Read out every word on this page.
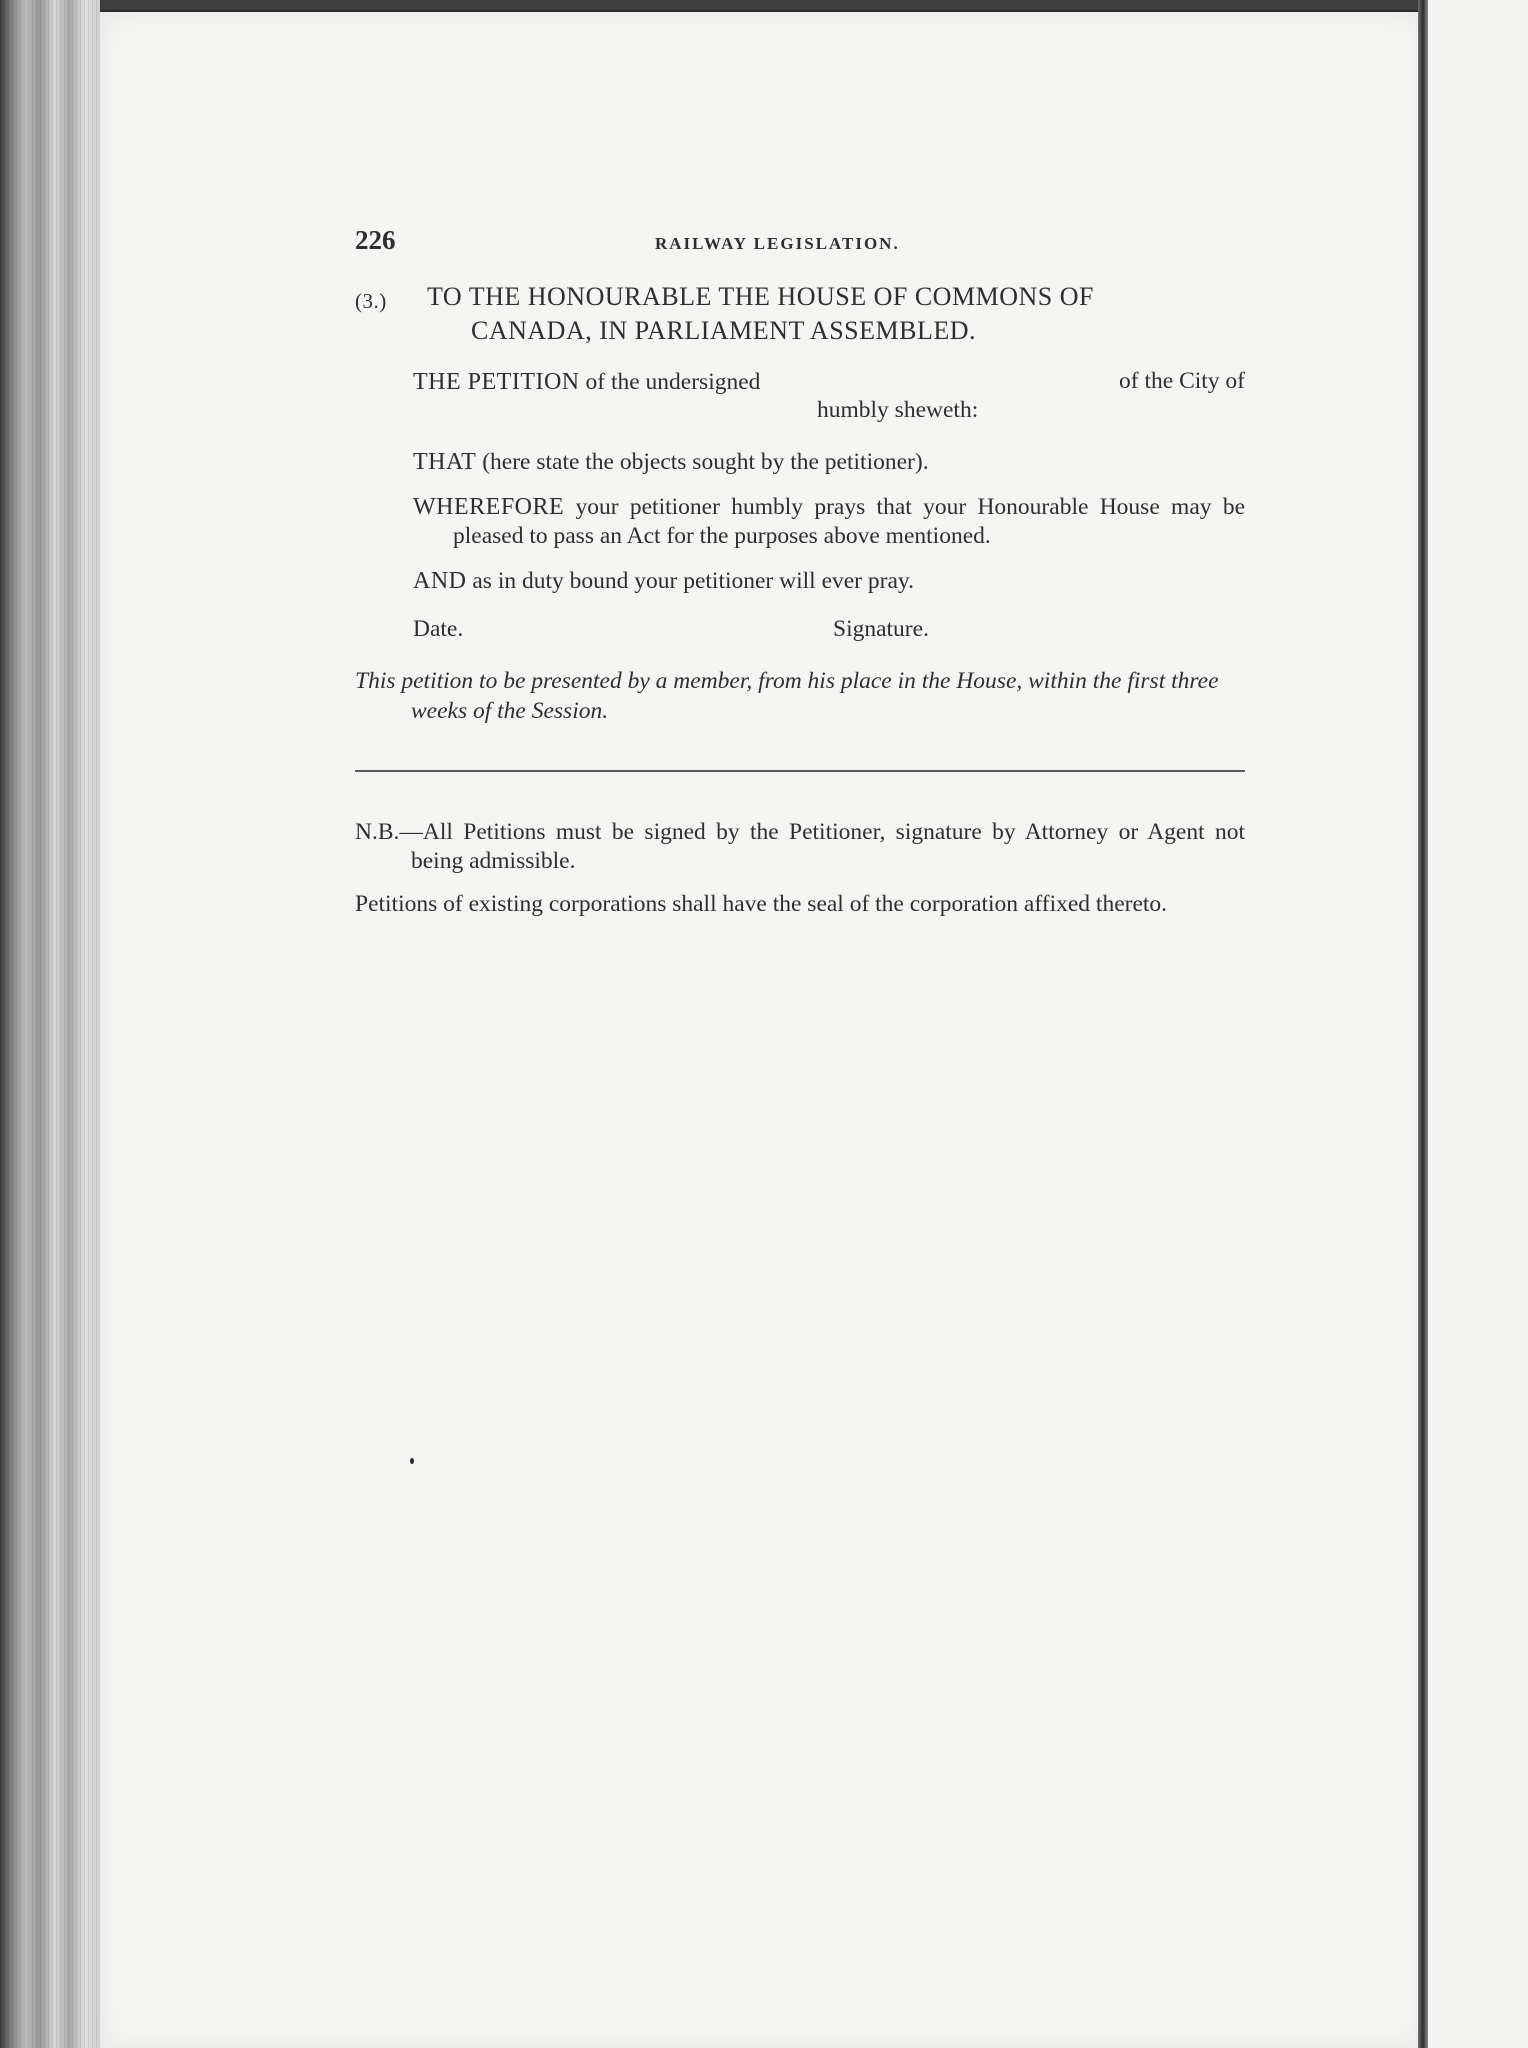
226	RAILWAY LEGISLATION.
(3.)	TO THE HONOURABLE THE HOUSE OF COMMONS OF
CANADA, IN PARLIAMENT ASSEMBLED.
THE PETITION of the undersigned	of the City of
humbly sheweth:
THAT (here state the objects sought by the petitioner).
WHEREFORE your petitioner humbly prays that your Honourable House may be pleased to pass an Act for the purposes above mentioned.
AND as in duty bound your petitioner will ever pray.
Date.	Signature.
This petition to be presented by a member, from his place in the House, within the first three weeks of the Session.
N.B.—All Petitions must be signed by the Petitioner, signature by Attorney or Agent not being admissible.
Petitions of existing corporations shall have the seal of the corporation affixed thereto.
